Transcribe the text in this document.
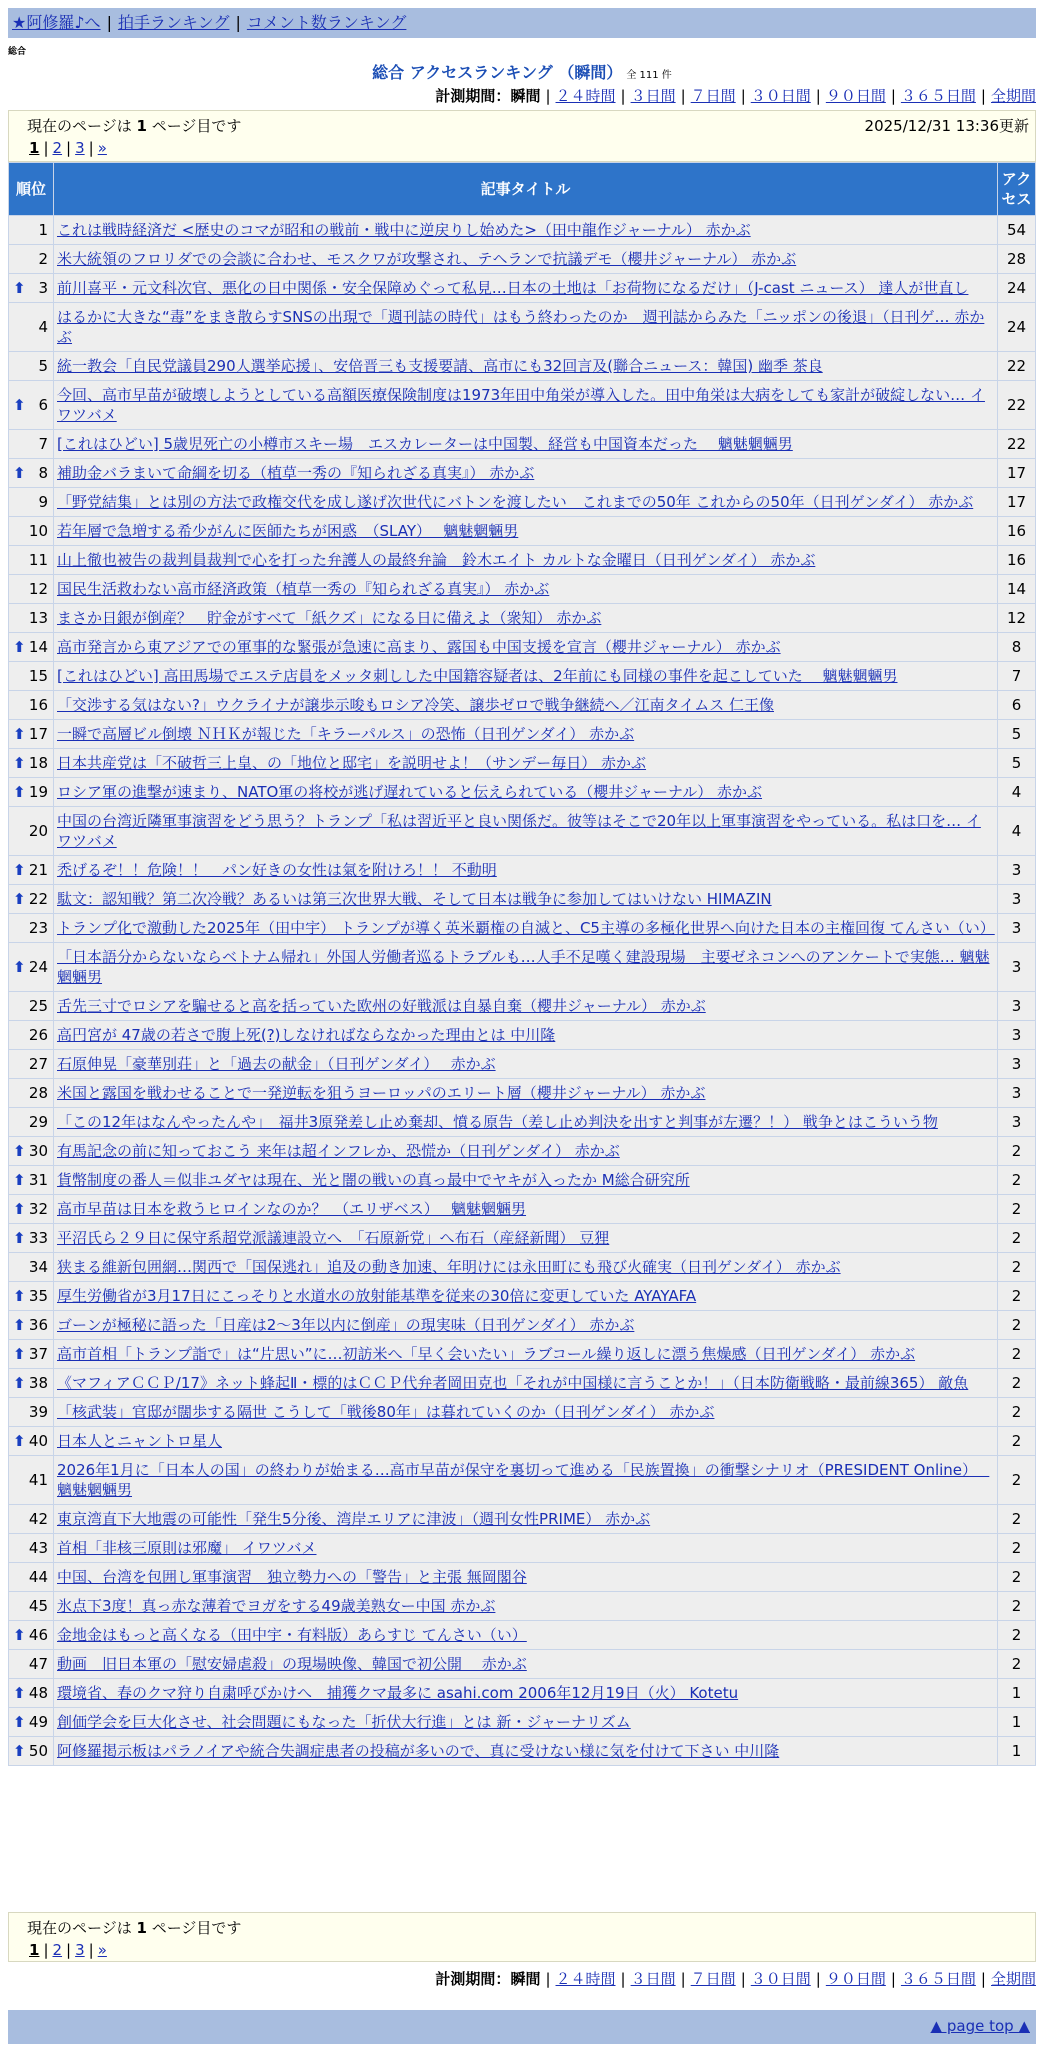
★阿修羅♪へ | 拍手ランキング | コメント数ランキング
総合
総合 アクセスランキング （瞬間） 全 111 件
計測期間：瞬間 | ２４時間 | ３日間 | ７日間 | ３０日間 | ９０日間 | ３６５日間 | 全期間
現在のページは 1 ページ目です	2025/12/31 13:36更新
1 | 2 | 3 | »
順位	記事タイトル	アクセス
1	これは戦時経済だ <歴史のコマが昭和の戦前・戦中に逆戻りし始めた>（田中龍作ジャーナル） 赤かぶ	54
2	米大統領のフロリダでの会談に合わせ、モスクワが攻撃され、テヘランで抗議デモ（櫻井ジャーナル） 赤かぶ	28

⬆ 3	前川喜平・元文科次官、悪化の日中関係・安全保障めぐって私見…日本の土地は「お荷物になるだけ」（J-cast ニュース） 達人が世直し	24
4	はるかに大きな“毒”をまき散らすSNSの出現で「週刊誌の時代」はもう終わったのか　週刊誌からみた「ニッポンの後退」（日刊ゲ… 赤かぶ	24
5	統一教会「自民党議員290人選挙応援」、安倍晋三も支援要請、高市にも32回言及(聯合ニュース：韓国) 幽季 茶良	22

⬆ 6	今回、高市早苗が破壊しようとしている高額医療保険制度は1973年田中角栄が導入した。田中角栄は大病をしても家計が破綻しない… イワツバメ	22
7	[これはひどい] 5歳児死亡の小樽市スキー場　エスカレーターは中国製、経営も中国資本だった　 魑魅魍魎男	22

⬆ 8	補助金バラまいて命綱を切る（植草一秀の『知られざる真実』） 赤かぶ	17
9	「野党結集」とは別の方法で政権交代を成し遂げ次世代にバトンを渡したい　これまでの50年 これからの50年（日刊ゲンダイ） 赤かぶ	17
10	若年層で急増する希少がんに医師たちが困惑　（SLAY）　 魑魅魍魎男	16
11	山上徹也被告の裁判員裁判で心を打った弁護人の最終弁論　鈴木エイト カルトな金曜日（日刊ゲンダイ） 赤かぶ	16
12	国民生活救わない高市経済政策（植草一秀の『知られざる真実』） 赤かぶ	14
13	まさか日銀が倒産？　貯金がすべて「紙クズ」になる日に備えよ（衆知） 赤かぶ	12

⬆ 14	高市発言から東アジアでの軍事的な緊張が急速に高まり、露国も中国支援を宣言（櫻井ジャーナル） 赤かぶ	8
15	[これはひどい] 高田馬場でエステ店員をメッタ刺しした中国籍容疑者は、2年前にも同様の事件を起こしていた　 魑魅魍魎男	7
16	「交渉する気はない?」ウクライナが譲歩示唆もロシア冷笑、譲歩ゼロで戦争継続へ／江南タイムス 仁王像	6

⬆ 17	一瞬で高層ビル倒壊 ＮＨＫが報じた「キラーパルス」の恐怖（日刊ゲンダイ） 赤かぶ	5

⬆ 18	日本共産党は「不破哲三上皇、の「地位と邸宅」を説明せよ！（サンデー毎日） 赤かぶ	5

⬆ 19	ロシア軍の進撃が速まり、NATO軍の将校が逃げ遅れていると伝えられている（櫻井ジャーナル） 赤かぶ	4
20	中国の台湾近隣軍事演習をどう思う？トランプ「私は習近平と良い関係だ。彼等はそこで20年以上軍事演習をやっている。私は口を… イワツバメ	4

⬆ 21	禿げるぞ！！危険！！　パン好きの女性は氣を附けろ！！ 不動明	3

⬆ 22	駄文：認知戦？第二次冷戦？あるいは第三次世界大戦、そして日本は戦争に参加してはいけない HIMAZIN	3
23	トランプ化で激動した2025年（田中宇） トランプが導く英米覇権の自滅と、C5主導の多極化世界へ向けた日本の主権回復 てんさい（い）	3

⬆ 24	「日本語分からないならベトナム帰れ」外国人労働者巡るトラブルも…人手不足嘆く建設現場　主要ゼネコンへのアンケートで実態… 魑魅魍魎男	3
25	舌先三寸でロシアを騙せると高を括っていた欧州の好戦派は自暴自棄（櫻井ジャーナル） 赤かぶ	3
26	高円宮が 47歳の若さで腹上死(?)しなければならなかった理由とは 中川隆	3
27	石原伸晃「豪華別荘」と「過去の献金」（日刊ゲンダイ）　 赤かぶ	3
28	米国と露国を戦わせることで一発逆転を狙うヨーロッパのエリート層（櫻井ジャーナル） 赤かぶ	3
29	「この12年はなんやったんや」　福井3原発差し止め棄却、憤る原告（差し止め判決を出すと判事が左遷？！） 戦争とはこういう物	3

⬆ 30	有馬記念の前に知っておこう 来年は超インフレか、恐慌か（日刊ゲンダイ） 赤かぶ	2

⬆ 31	貨幣制度の番人＝似非ユダヤは現在、光と闇の戦いの真っ最中でヤキが入ったか M総合研究所	2

⬆ 32	高市早苗は日本を救うヒロインなのか？　（エリザベス）　 魑魅魍魎男	2

⬆ 33	平沼氏ら２９日に保守系超党派議連設立へ　「石原新党」へ布石（産経新聞） 豆狸	2
34	狭まる維新包囲網…関西で「国保逃れ」追及の動き加速、年明けには永田町にも飛び火確実（日刊ゲンダイ） 赤かぶ	2

⬆ 35	厚生労働省が3月17日にこっそりと水道水の放射能基準を従来の30倍に変更していた AYAYAFA	2

⬆ 36	ゴーンが極秘に語った「日産は2～3年以内に倒産」の現実味（日刊ゲンダイ） 赤かぶ	2

⬆ 37	高市首相「トランプ詣で」は“片思い”に…初訪米へ「早く会いたい」ラブコール繰り返しに漂う焦燥感（日刊ゲンダイ） 赤かぶ	2

⬆ 38	《マフィアＣＣＰ/17》ネット蜂起Ⅱ・標的はＣＣＰ代弁者岡田克也「それが中国様に言うことか！」（日本防衛戦略・最前線365） 敵魚	2
39	「核武装」官邸が闊歩する隔世 こうして「戦後80年」は暮れていくのか（日刊ゲンダイ） 赤かぶ	2

⬆ 40	日本人とニャントロ星人	2
41	2026年1月に「日本人の国」の終わりが始まる…高市早苗が保守を裏切って進める「民族置換」の衝撃シナリオ（PRESIDENT Online）　 魑魅魍魎男	2
42	東京湾直下大地震の可能性「発生5分後、湾岸エリアに津波」（週刊女性PRIME） 赤かぶ	2
43	首相「非核三原則は邪魔」 イワツバメ	2
44	中国、台湾を包囲し軍事演習　独立勢力への「警告」と主張 無岡閣谷	2
45	氷点下3度！真っ赤な薄着でヨガをする49歳美熟女ー中国 赤かぶ	2

⬆ 46	金地金はもっと高くなる（田中宇・有料版）あらすじ てんさい（い）	2
47	動画　旧日本軍の「慰安婦虐殺」の現場映像、韓国で初公開　 赤かぶ	2

⬆ 48	環境省、春のクマ狩り自粛呼びかけへ　捕獲クマ最多に asahi.com 2006年12月19日（火） Kotetu	1

⬆ 49	創価学会を巨大化させ、社会問題にもなった「折伏大行進」とは 新・ジャーナリズム	1

⬆ 50	阿修羅掲示板はパラノイアや統合失調症患者の投稿が多いので、真に受けない様に気を付けて下さい 中川隆	1
現在のページは 1 ページ目です
1 | 2 | 3 | »
計測期間：瞬間 | ２４時間 | ３日間 | ７日間 | ３０日間 | ９０日間 | ３６５日間 | 全期間
▲ page top ▲
